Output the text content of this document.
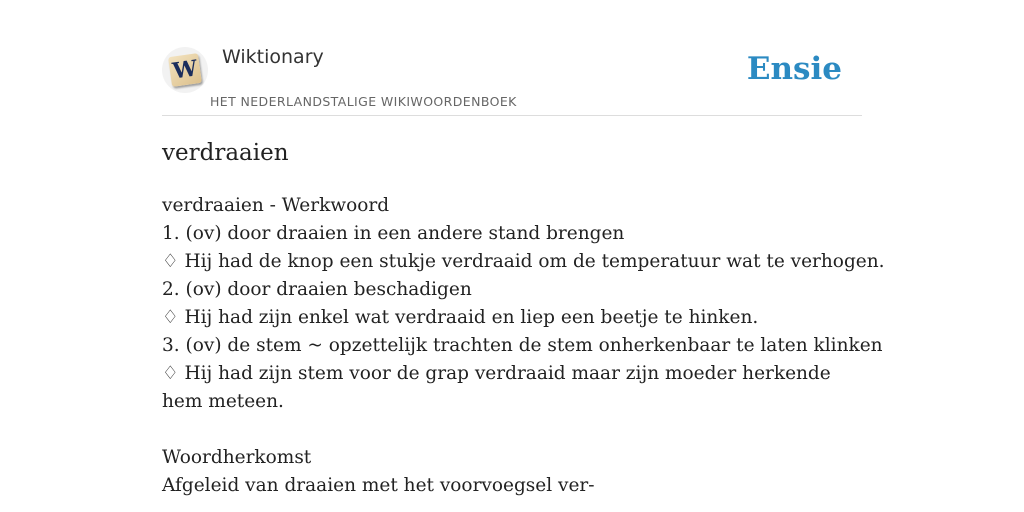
W Wiktionary
HET NEDERLANDSTALIGE WIKIWOORDENBOEK
Ensie
verdraaien
verdraaien - Werkwoord
1. (ov) door draaien in een andere stand brengen
♢ Hij had de knop een stukje verdraaid om de temperatuur wat te verhogen.
2. (ov) door draaien beschadigen
♢ Hij had zijn enkel wat verdraaid en liep een beetje te hinken.
3. (ov) de stem ~ opzettelijk trachten de stem onherkenbaar te laten klinken
♢ Hij had zijn stem voor de grap verdraaid maar zijn moeder herkende hem meteen.
Woordherkomst
Afgeleid van draaien met het voorvoegsel ver-
